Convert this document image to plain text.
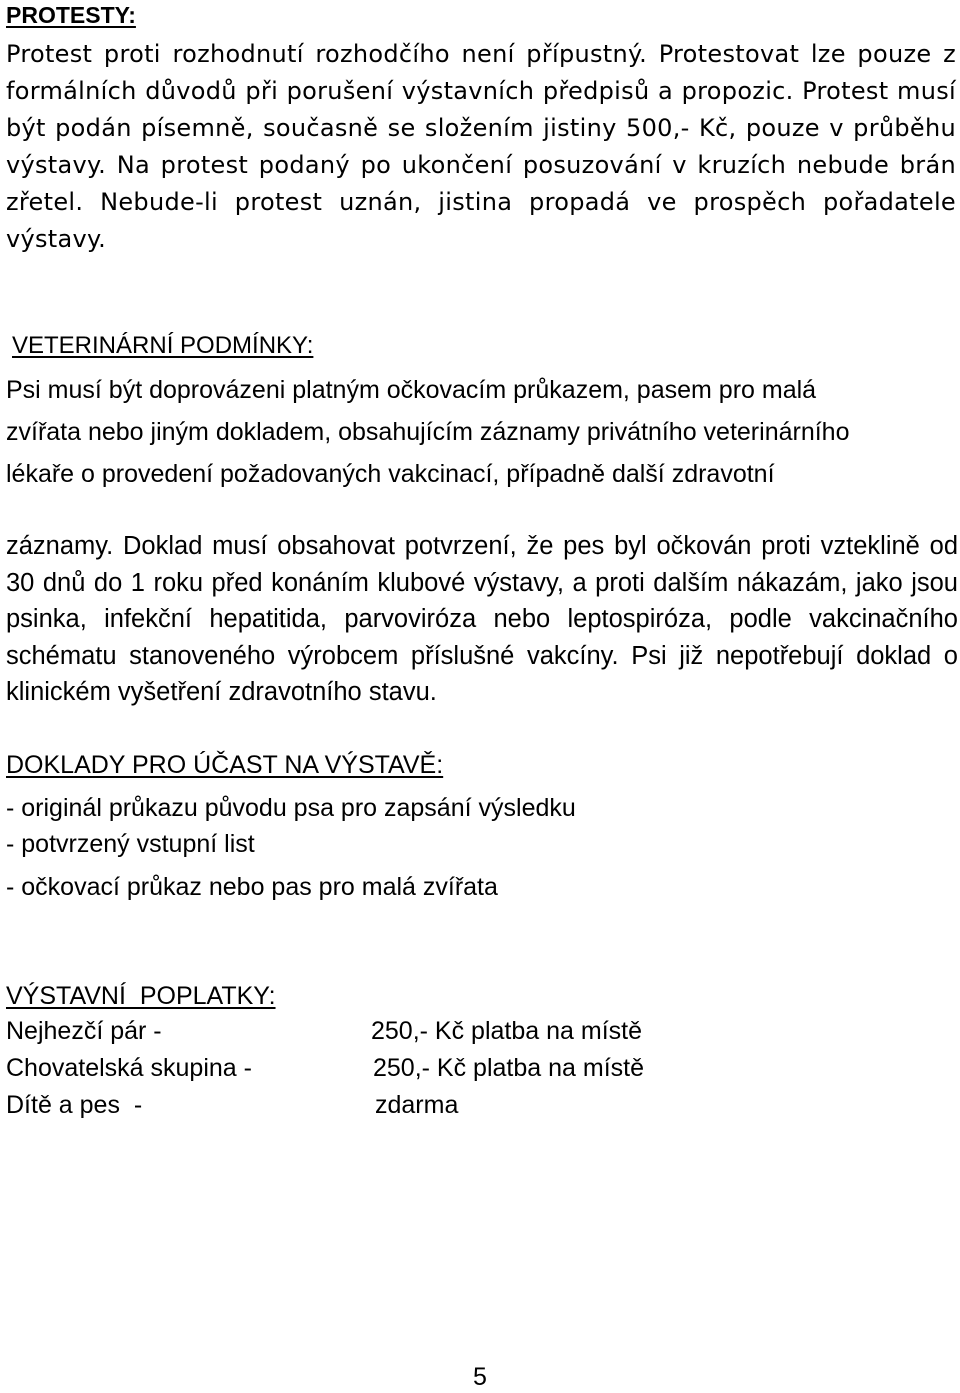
PROTESTY:

Protest proti rozhodnutí rozhodčího není přípustný. Protestovat lze pouze z formálních důvodů při porušení výstavních předpisů a propozic. Protest musí být podán písemně, současně se složením jistiny 500,- Kč, pouze v průběhu výstavy. Na protest podaný po ukončení posuzování v kruzích nebude brán zřetel. Nebude-li protest uznán, jistina propadá ve prospěch pořadatele výstavy.

VETERINÁRNÍ PODMÍNKY:

Psi musí být doprovázeni platným očkovacím průkazem, pasem pro malá

zvířata nebo jiným dokladem, obsahujícím záznamy privátního veterinárního

lékaře o provedení požadovaných vakcinací, případně další zdravotní

záznamy. Doklad musí obsahovat potvrzení, že pes byl očkován proti vzteklině od 30 dnů do 1 roku před konáním klubové výstavy, a proti dalším nákazám, jako jsou psinka, infekční hepatitida, parvoviróza nebo leptospiróza, podle vakcinačního schématu stanoveného výrobcem příslušné vakcíny. Psi již nepotřebují doklad o klinickém vyšetření zdravotního stavu.

DOKLADY PRO ÚČAST NA VÝSTAVĚ:

- originál průkazu původu psa pro zapsání výsledku

- potvrzený vstupní list

- očkovací průkaz nebo pas pro malá zvířata

VÝSTAVNÍ  POPLATKY:

Nejhezčí pár -	250,- Kč platba na místě

Chovatelská skupina -	250,- Kč platba na místě

Dítě a pes  -	zdarma

5
